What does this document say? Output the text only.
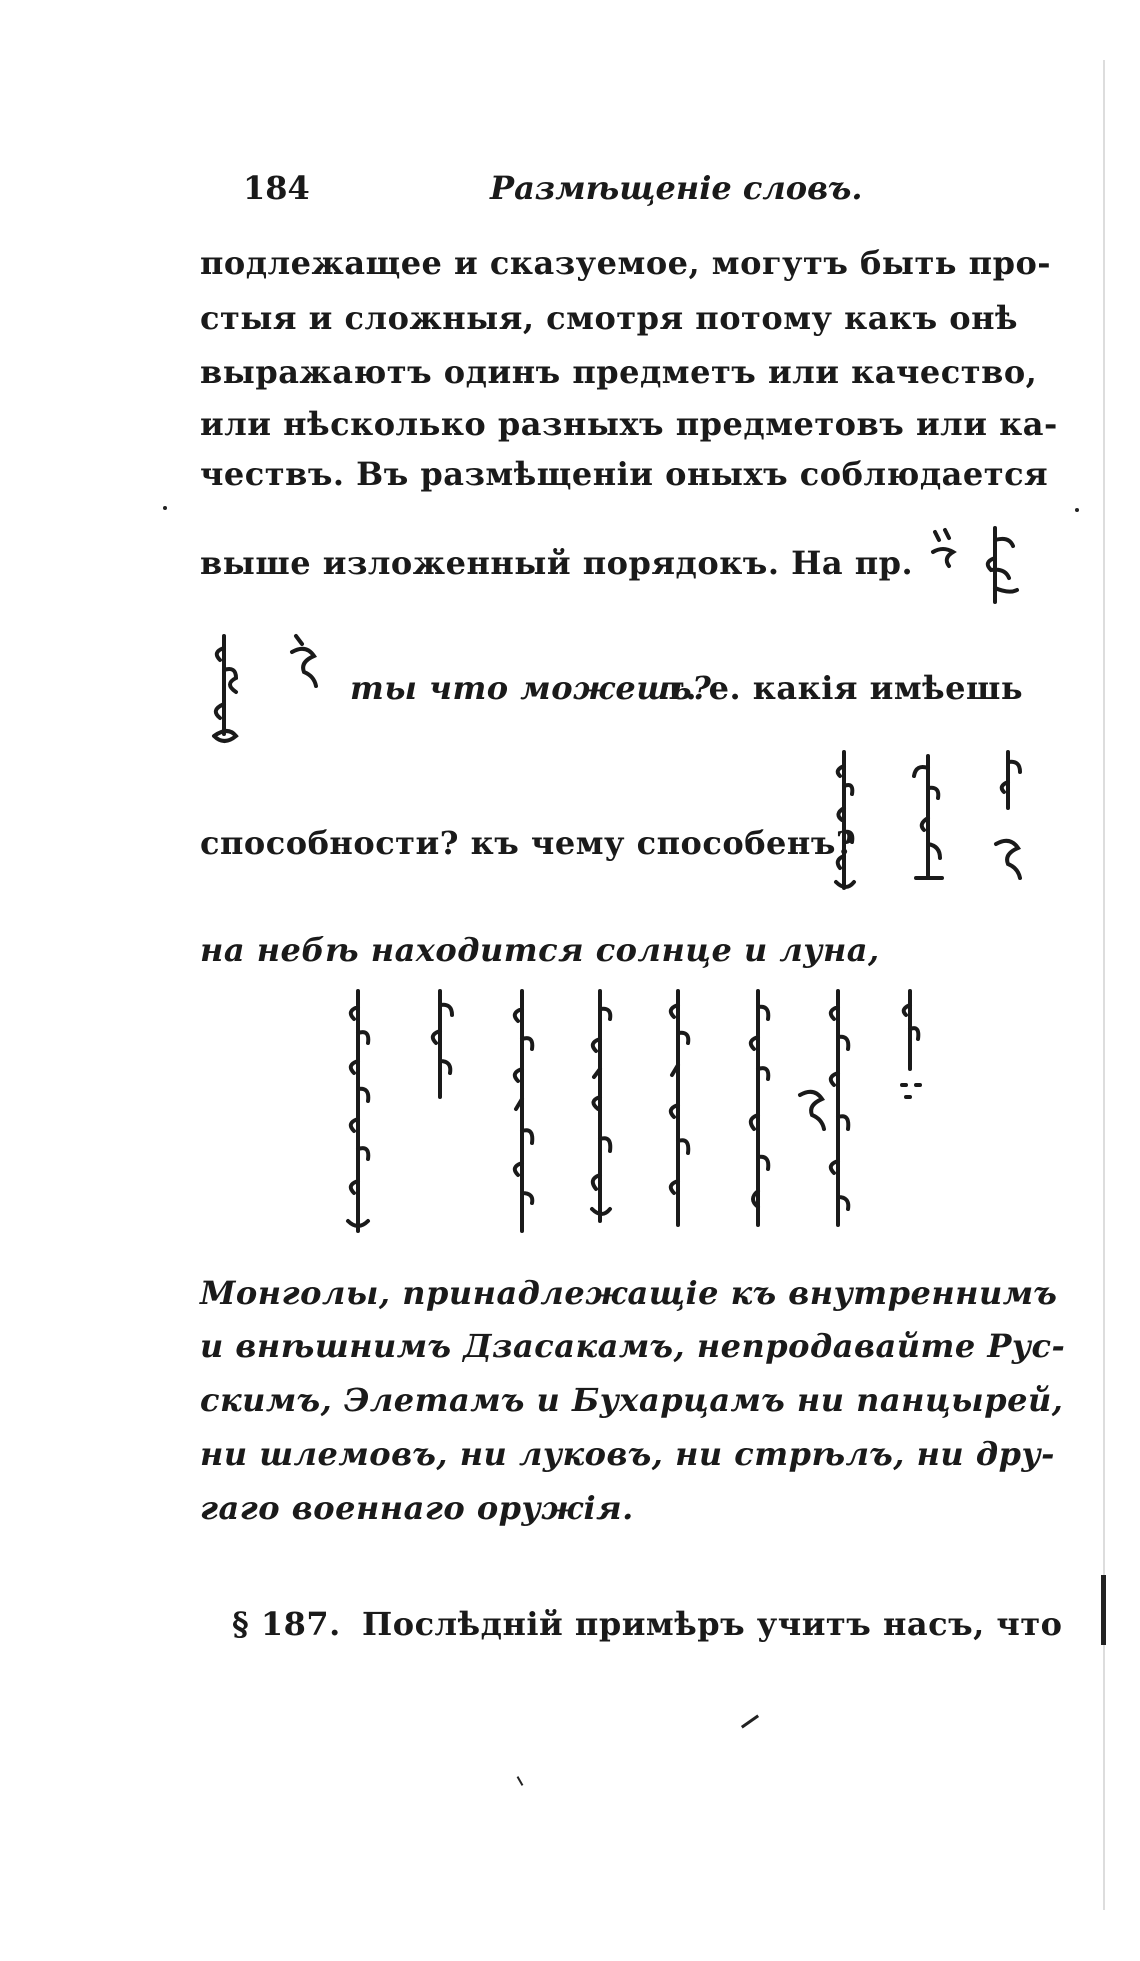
184	Размѣщеніе словъ.
подлежащее и сказуемое, могутъ быть про-
стыя и сложныя, смотря потому какъ онѣ
выражаютъ одинъ предметъ или качество,
или нѣсколько разныхъ предметовъ или ка-
чествъ. Въ размѣщеніи оныхъ соблюдается
выше изложенный порядокъ. На пр.
ты что можешь?
т. е. какія имѣешь
способности? къ чему способенъ?
на небѣ находится солнце и луна,
Монголы, принадлежащіе къ внутреннимъ
и внѣшнимъ Дзасакамъ, непродавайте Рус-
скимъ, Элетамъ и Бухарцамъ ни панцырей,
ни шлемовъ, ни луковъ, ни стрѣлъ, ни дру-
гаго военнаго оружія.
§ 187. Послѣдній примѣръ учитъ насъ, что
